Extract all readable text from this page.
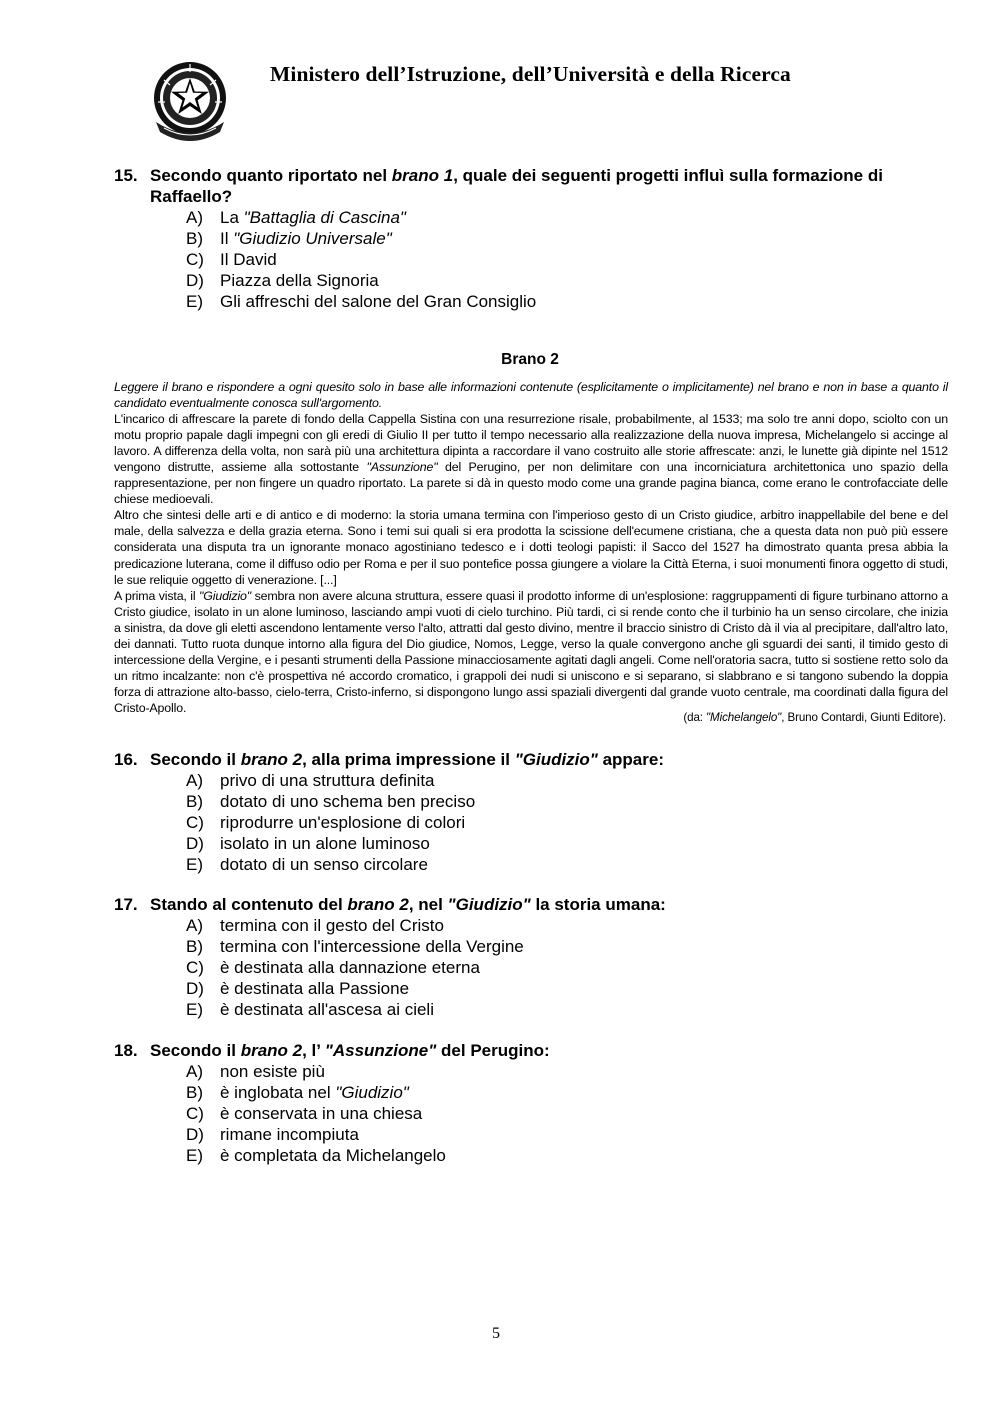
Ministero dell’Istruzione, dell’Università e della Ricerca
15. Secondo quanto riportato nel brano 1, quale dei seguenti progetti influì sulla formazione di Raffaello?
A) La "Battaglia di Cascina"
B) Il "Giudizio Universale"
C) Il David
D) Piazza della Signoria
E) Gli affreschi del salone del Gran Consiglio
Brano 2

Leggere il brano e rispondere a ogni quesito solo in base alle informazioni contenute (esplicitamente o implicitamente) nel brano e non in base a quanto il candidato eventualmente conosca sull'argomento.

L'incarico di affrescare la parete di fondo della Cappella Sistina con una resurrezione risale, probabilmente, al 1533; ma solo tre anni dopo, sciolto con un motu proprio papale dagli impegni con gli eredi di Giulio II per tutto il tempo necessario alla realizzazione della nuova impresa, Michelangelo si accinge al lavoro. A differenza della volta, non sarà più una architettura dipinta a raccordare il vano costruito alle storie affrescate: anzi, le lunette già dipinte nel 1512 vengono distrutte, assieme alla sottostante "Assunzione" del Perugino, per non delimitare con una incorniciatura architettonica uno spazio della rappresentazione, per non fingere un quadro riportato. La parete si dà in questo modo come una grande pagina bianca, come erano le controfacciate delle chiese medioevali.

Altro che sintesi delle arti e di antico e di moderno: la storia umana termina con l'imperioso gesto di un Cristo giudice, arbitro inappellabile del bene e del male, della salvezza e della grazia eterna. Sono i temi sui quali si era prodotta la scissione dell'ecumene cristiana, che a questa data non può più essere considerata una disputa tra un ignorante monaco agostiniano tedesco e i dotti teologi papisti: il Sacco del 1527 ha dimostrato quanta presa abbia la predicazione luterana, come il diffuso odio per Roma e per il suo pontefice possa giungere a violare la Città Eterna, i suoi monumenti finora oggetto di studi, le sue reliquie oggetto di venerazione. [...]

A prima vista, il "Giudizio" sembra non avere alcuna struttura, essere quasi il prodotto informe di un'esplosione: raggruppamenti di figure turbinano attorno a Cristo giudice, isolato in un alone luminoso, lasciando ampi vuoti di cielo turchino. Più tardi, ci si rende conto che il turbinio ha un senso circolare, che inizia a sinistra, da dove gli eletti ascendono lentamente verso l'alto, attratti dal gesto divino, mentre il braccio sinistro di Cristo dà il via al precipitare, dall'altro lato, dei dannati. Tutto ruota dunque intorno alla figura del Dio giudice, Nomos, Legge, verso la quale convergono anche gli sguardi dei santi, il timido gesto di intercessione della Vergine, e i pesanti strumenti della Passione minacciosamente agitati dagli angeli. Come nell'oratoria sacra, tutto si sostiene retto solo da un ritmo incalzante: non c'è prospettiva né accordo cromatico, i grappoli dei nudi si uniscono e si separano, si slabbrano e si tangono subendo la doppia forza di attrazione alto-basso, cielo-terra, Cristo-inferno, si dispongono lungo assi spaziali divergenti dal grande vuoto centrale, ma coordinati dalla figura del Cristo-Apollo.

(da: "Michelangelo", Bruno Contardi, Giunti Editore).
16. Secondo il brano 2, alla prima impressione il "Giudizio" appare:
A) privo di una struttura definita
B) dotato di uno schema ben preciso
C) riprodurre un'esplosione di colori
D) isolato in un alone luminoso
E) dotato di un senso circolare
17. Stando al contenuto del brano 2, nel "Giudizio" la storia umana:
A) termina con il gesto del Cristo
B) termina con l'intercessione della Vergine
C) è destinata alla dannazione eterna
D) è destinata alla Passione
E) è destinata all'ascesa ai cieli
18. Secondo il brano 2, l’ "Assunzione" del Perugino:
A) non esiste più
B) è inglobata nel "Giudizio"
C) è conservata in una chiesa
D) rimane incompiuta
E) è completata da Michelangelo
5
